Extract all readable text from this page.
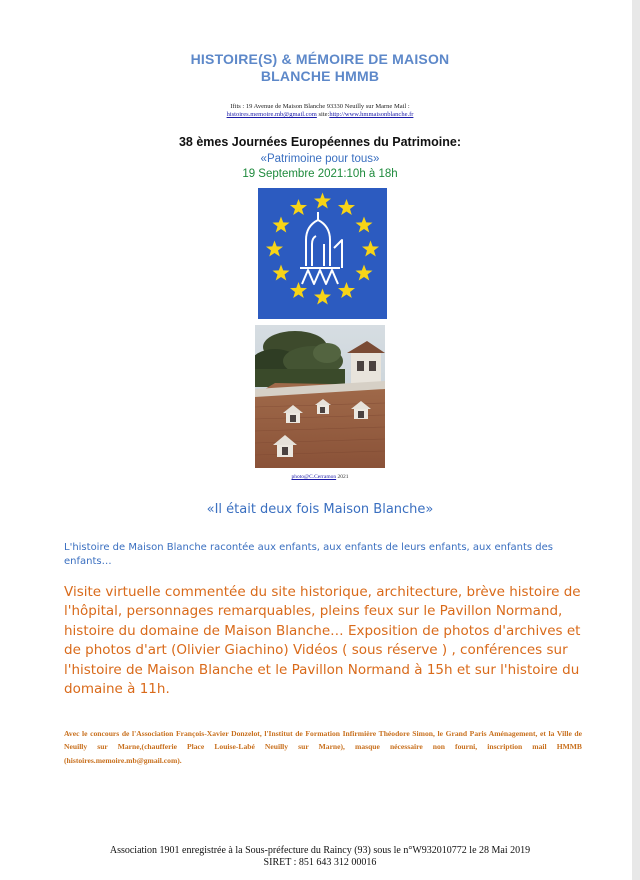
HISTOIRE(S) & MÉMOIRE DE MAISON
BLANCHE HMMB
Ifits : 19 Avenue de Maison Blanche 93330 Neuilly sur Marne Mail :
histoires.memoire.mb@gmail.com site:http://www.hmmaisonblanche.fr
38 èmes Journées Européennes du Patrimoine:
«Patrimoine pour tous»
19 Septembre 2021:10h à 18h
photo@C.Cerramon 2021
«Il était deux fois Maison Blanche»
L'histoire de Maison Blanche racontée aux enfants, aux enfants de leurs enfants, aux enfants des enfants…
Visite virtuelle commentée du site historique, architecture, brève histoire de l'hôpital, personnages remarquables, pleins feux sur le Pavillon Normand, histoire du domaine de Maison Blanche… Exposition de photos d'archives et de photos d'art (Olivier Giachino) Vidéos ( sous réserve ) , conférences sur l'histoire de Maison Blanche et le Pavillon Normand à 15h et sur l'histoire du domaine à 11h.
Avec le concours de l'Association François-Xavier Donzelot, l'Institut de Formation Infirmière Théodore Simon, le Grand Paris Aménagement, et la Ville de Neuilly sur Marne,(chaufferie Place Louise-Labé Neuilly sur Marne), masque nécessaire non fourni, inscription mail HMMB (histoires.memoire.mb@gmail.com).
Association 1901 enregistrée à la Sous-préfecture du Raincy (93) sous le n°W932010772 le 28 Mai 2019
SIRET : 851 643 312 00016
